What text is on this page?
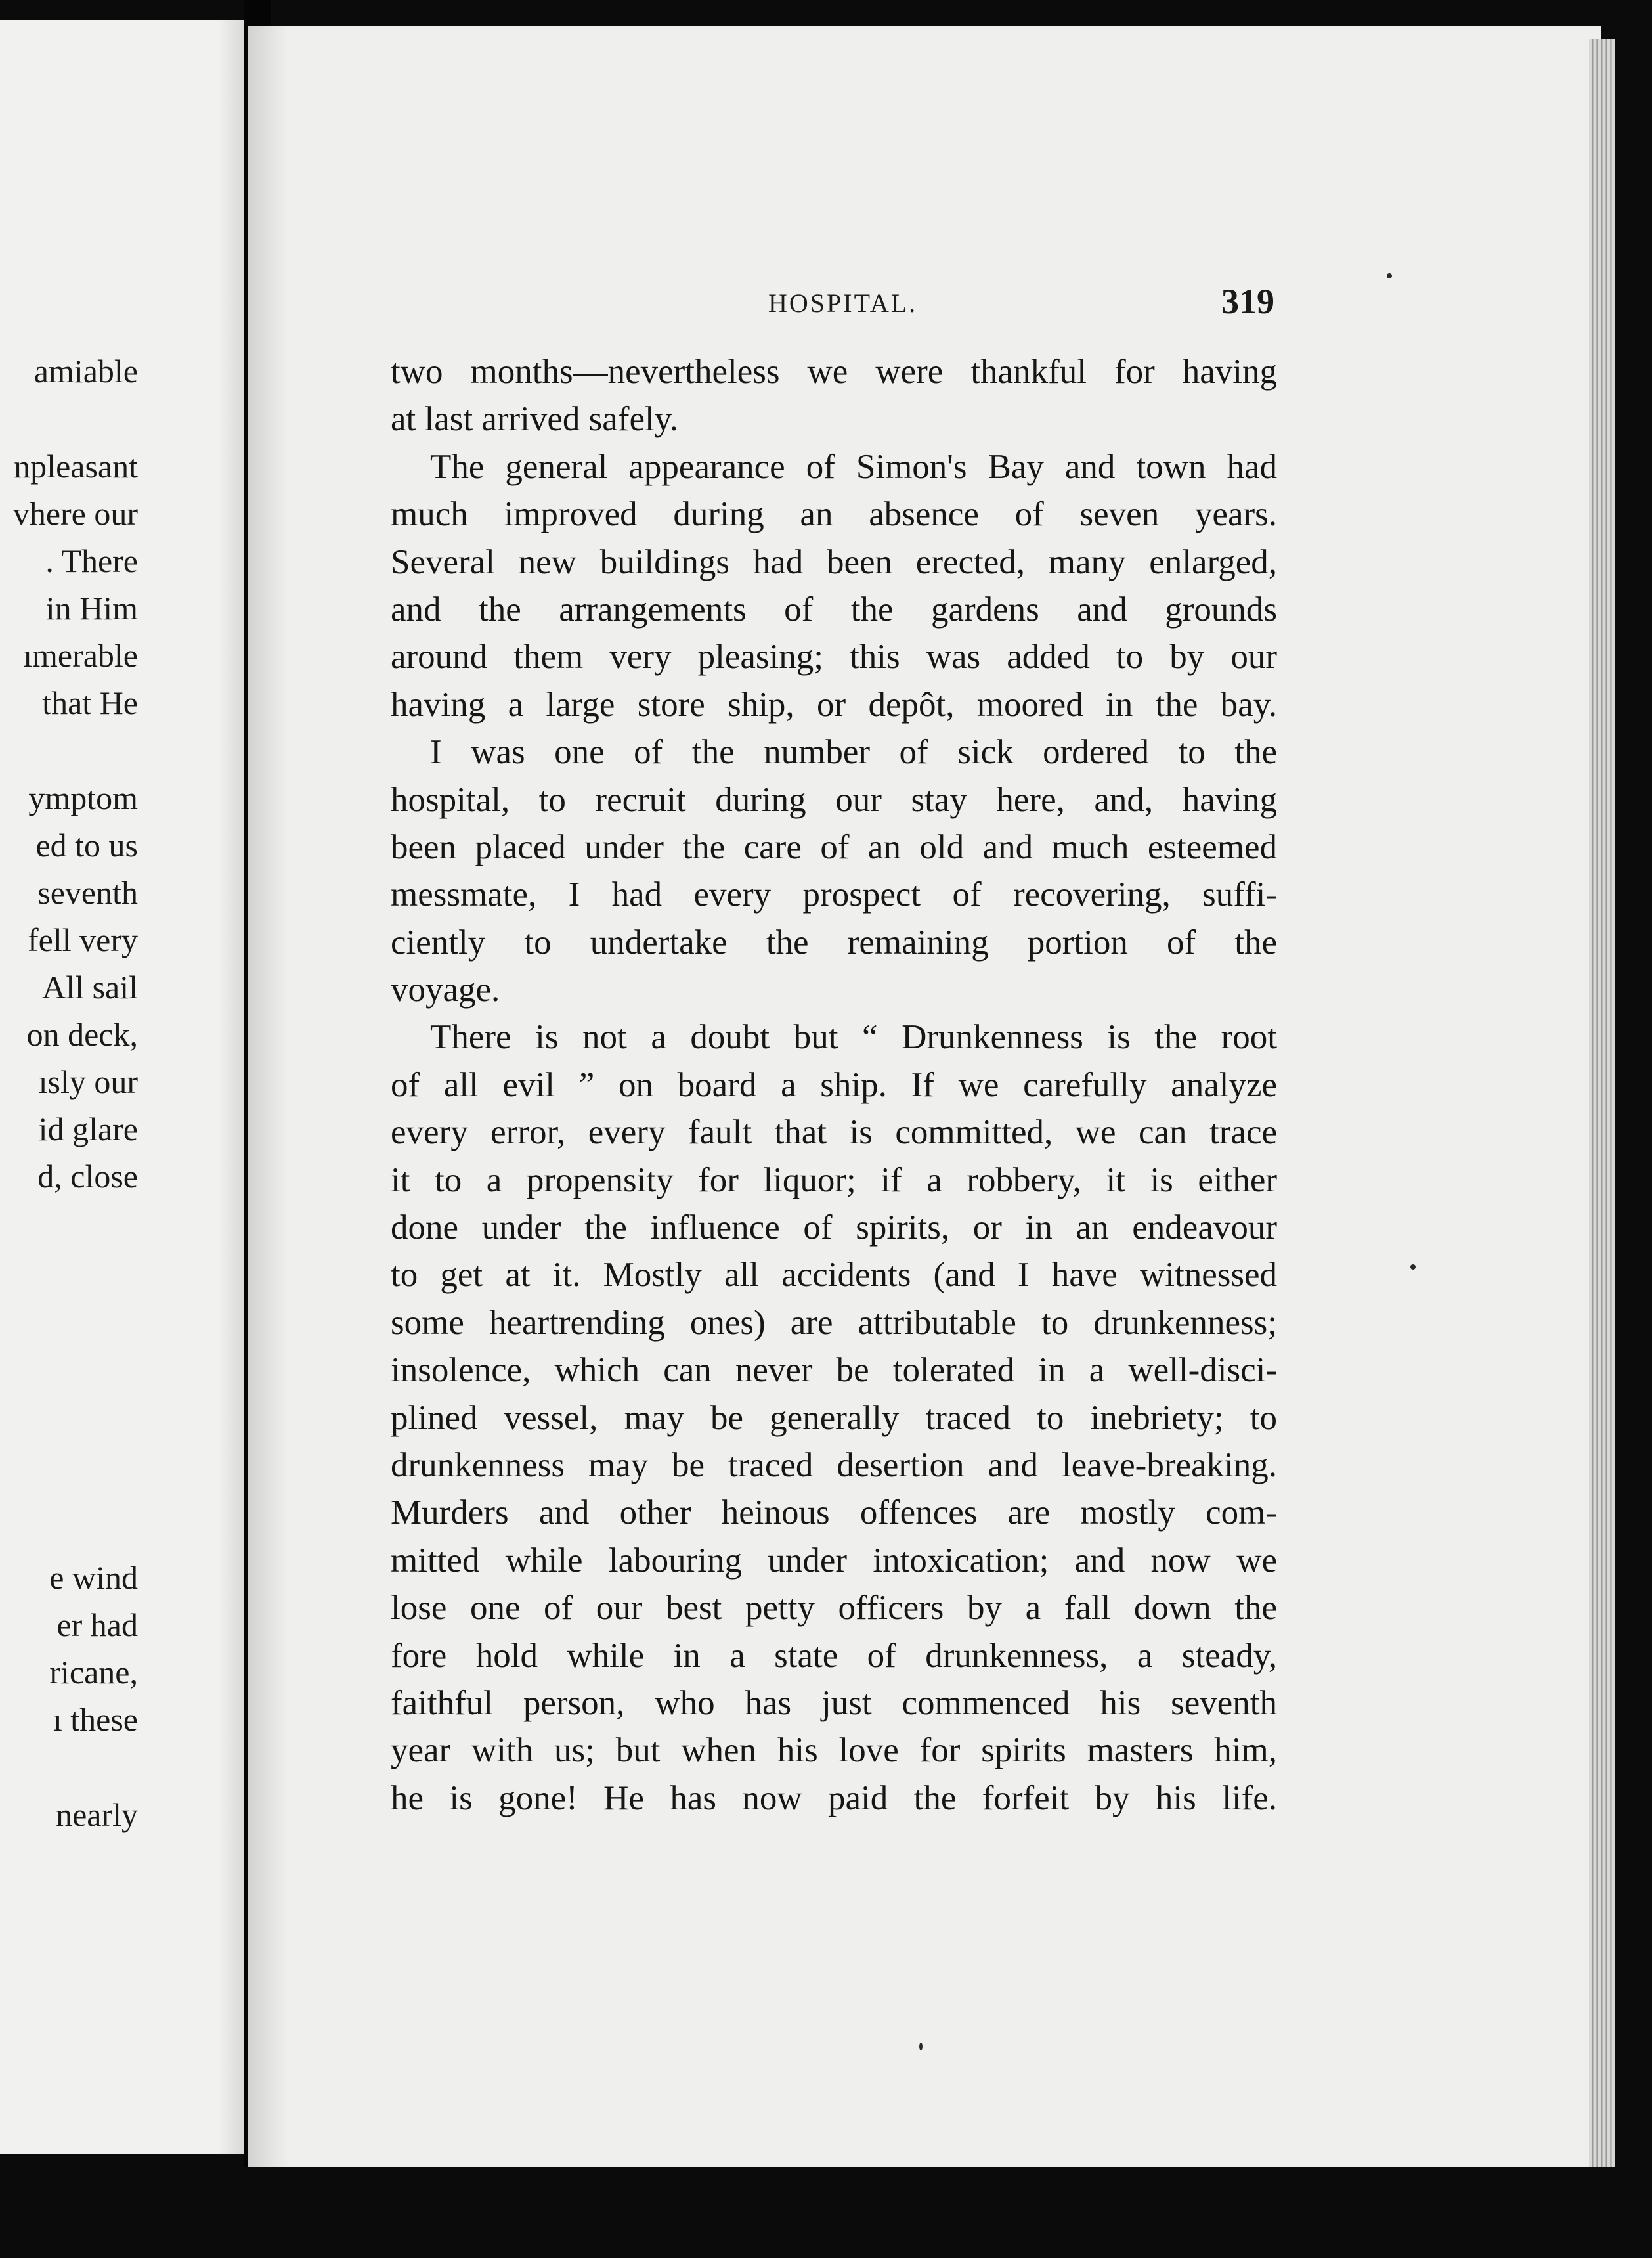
amiable
npleasant
vhere our
. There
in Him
ımerable
that He
ymptom
ed to us
seventh
fell very
All sail
on deck,
ısly our
id glare
d, close
e wind
er had
ricane,
ı these
nearly
HOSPITAL.	319
two months—nevertheless we were thankful for having
at last arrived safely.
The general appearance of Simon's Bay and town had
much improved during an absence of seven years.
Several new buildings had been erected, many enlarged,
and the arrangements of the gardens and grounds
around them very pleasing; this was added to by our
having a large store ship, or depôt, moored in the bay.
I was one of the number of sick ordered to the
hospital, to recruit during our stay here, and, having
been placed under the care of an old and much esteemed
messmate, I had every prospect of recovering, suffi-
ciently to undertake the remaining portion of the
voyage.
There is not a doubt but “ Drunkenness is the root
of all evil ” on board a ship. If we carefully analyze
every error, every fault that is committed, we can trace
it to a propensity for liquor; if a robbery, it is either
done under the influence of spirits, or in an endeavour
to get at it. Mostly all accidents (and I have witnessed
some heartrending ones) are attributable to drunkenness;
insolence, which can never be tolerated in a well-disci-
plined vessel, may be generally traced to inebriety; to
drunkenness may be traced desertion and leave-breaking.
Murders and other heinous offences are mostly com-
mitted while labouring under intoxication; and now we
lose one of our best petty officers by a fall down the
fore hold while in a state of drunkenness, a steady,
faithful person, who has just commenced his seventh
year with us; but when his love for spirits masters him,
he is gone! He has now paid the forfeit by his life.
